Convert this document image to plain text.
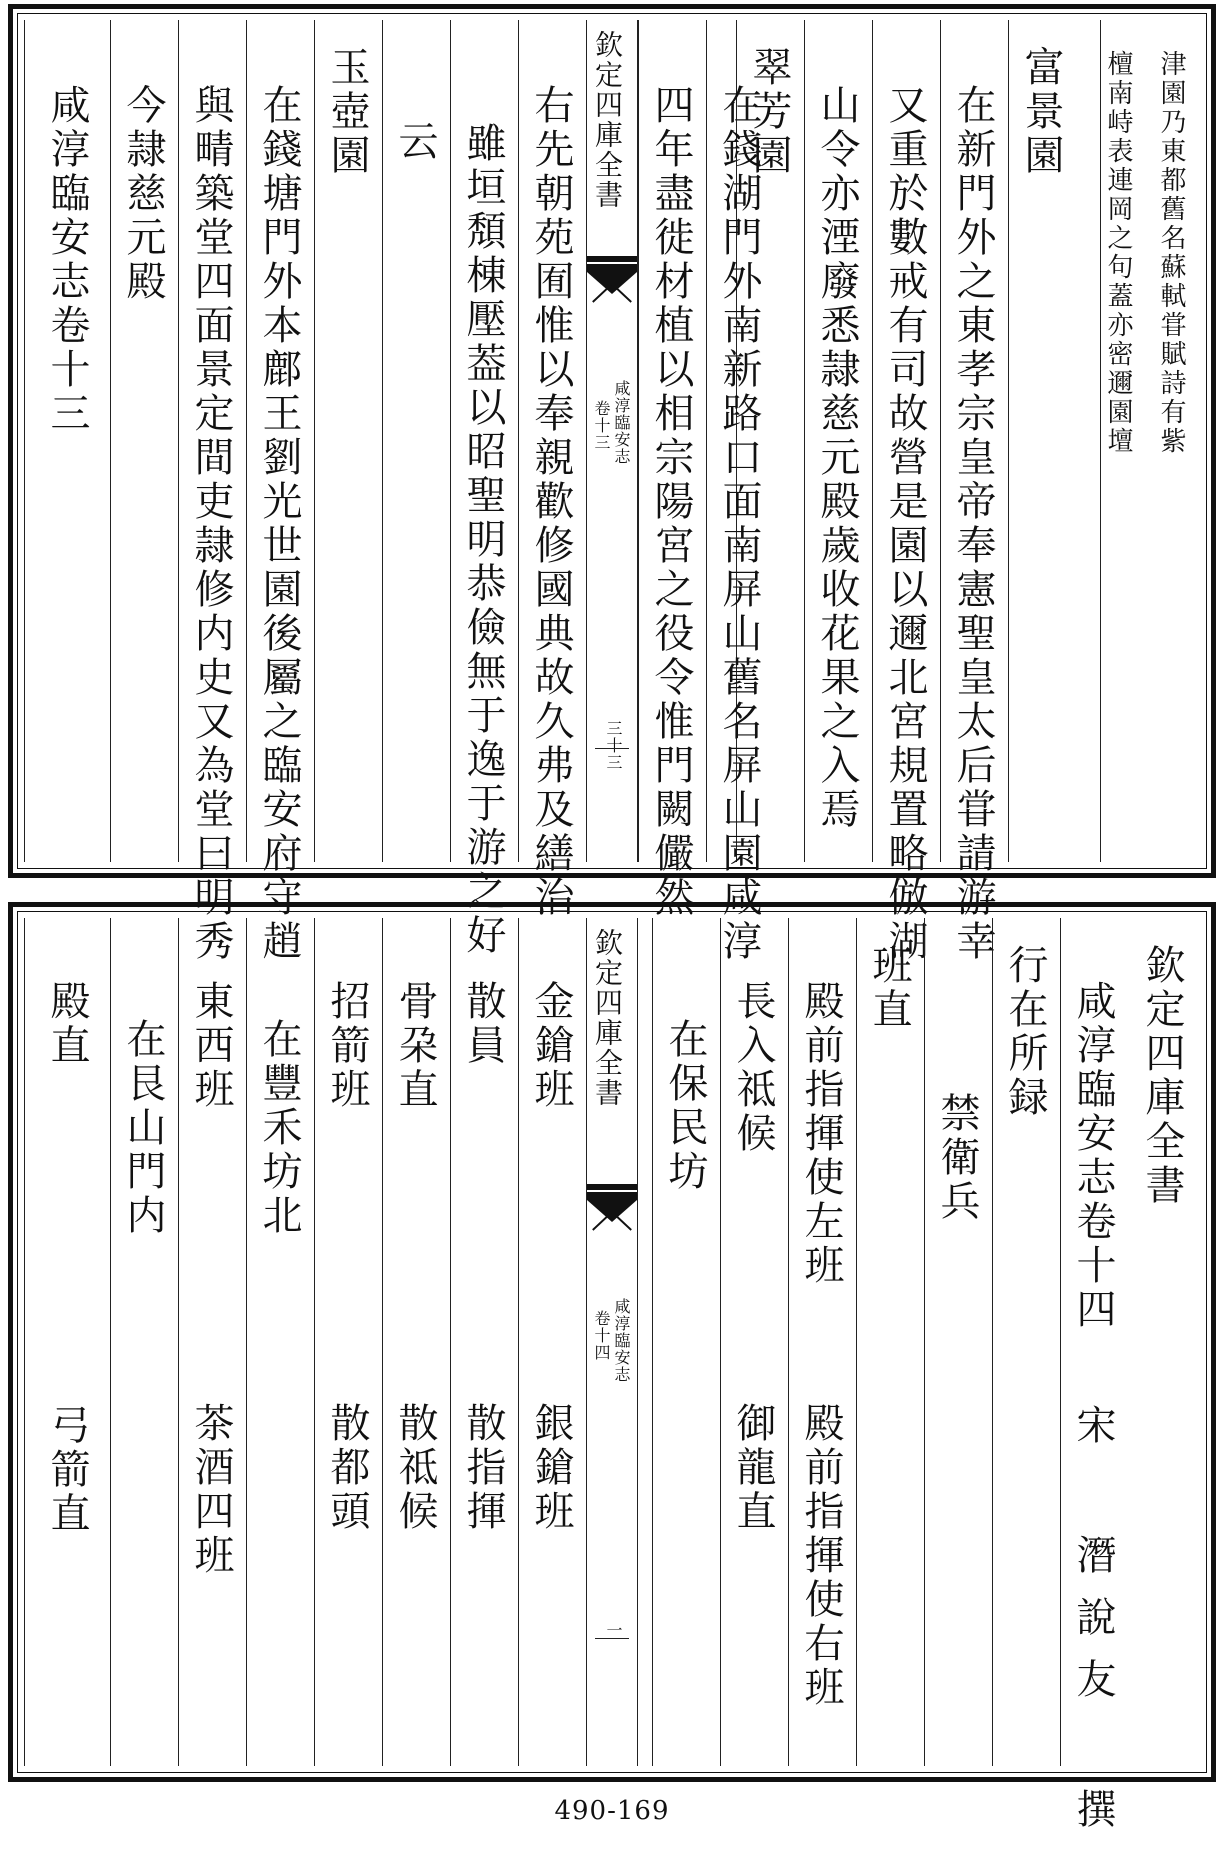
欽定四庫全書
咸淳臨安志
卷十三
三十三
津園乃東都舊名蘇軾甞賦詩有紫
檀南峙表連岡之句蓋亦密邇園壇
富景園
在新門外之東孝宗皇帝奉憲聖皇太后甞請游幸
又重於數戒有司故營是園以邇北宮規置略倣湖
山令亦湮廢悉隷慈元殿歲收花果之入焉
翠芳園
在錢湖門外南新路口面南屏山舊名屏山園咸淳
四年盡徙材植以相宗陽宮之役令惟門闕儼然
右先朝苑囿惟以奉親歡修國典故久弗及繕治
雖垣頽棟壓葢以昭聖明恭儉無于逸于游之好
云
玉壺園
在錢塘門外本鄜王劉光世園後屬之臨安府守趙
與𤲟築堂四面景定間吏隷修内史又為堂曰明秀
今隷慈元殿
咸淳臨安志卷十三
欽定四庫全書
咸淳臨安志
卷十四
一
欽定四庫全書
咸淳臨安志卷十四
宋 潛說友 撰
行在所録
禁衛兵
班直
殿前指揮使左班
殿前指揮使右班
長入祗候
御龍直
在保民坊
金鎗班
銀鎗班
散員
散指揮
骨朶直
散祗候
招箭班
散都頭
在豐禾坊北
東西班
茶酒四班
在艮山門内
殿直
弓箭直
490-169
